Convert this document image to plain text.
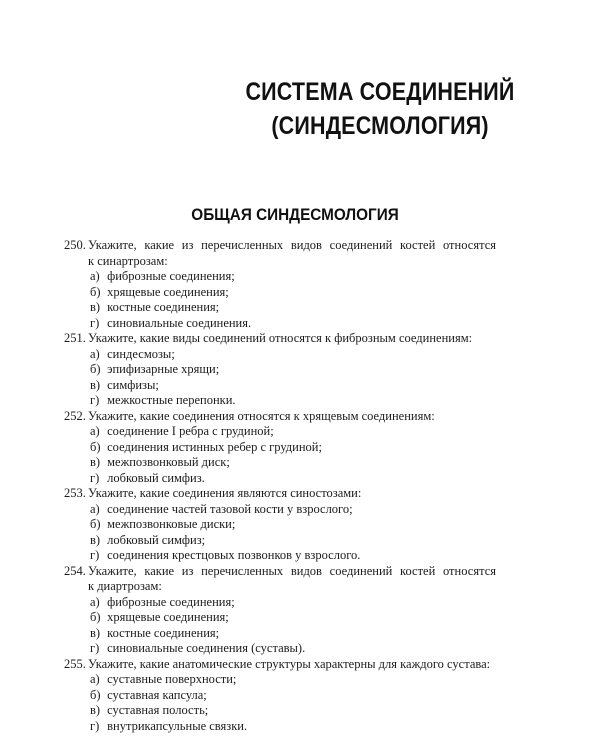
СИСТЕМА СОЕДИНЕНИЙ
(СИНДЕСМОЛОГИЯ)
ОБЩАЯ СИНДЕСМОЛОГИЯ
250. Укажите, какие из перечисленных видов соединений костей относятся
к синартрозам:
а) фиброзные соединения;
б) хрящевые соединения;
в) костные соединения;
г) синовиальные соединения.
251. Укажите, какие виды соединений относятся к фиброзным соединениям:
а) синдесмозы;
б) эпифизарные хрящи;
в) симфизы;
г) межкостные перепонки.
252. Укажите, какие соединения относятся к хрящевым соединениям:
а) соединение I ребра с грудиной;
б) соединения истинных ребер с грудиной;
в) межпозвонковый диск;
г) лобковый симфиз.
253. Укажите, какие соединения являются синостозами:
а) соединение частей тазовой кости у взрослого;
б) межпозвонковые диски;
в) лобковый симфиз;
г) соединения крестцовых позвонков у взрослого.
254. Укажите, какие из перечисленных видов соединений костей относятся
к диартрозам:
а) фиброзные соединения;
б) хрящевые соединения;
в) костные соединения;
г) синовиальные соединения (суставы).
255. Укажите, какие анатомические структуры характерны для каждого сустава:
а) суставные поверхности;
б) суставная капсула;
в) суставная полость;
г) внутрикапсульные связки.
